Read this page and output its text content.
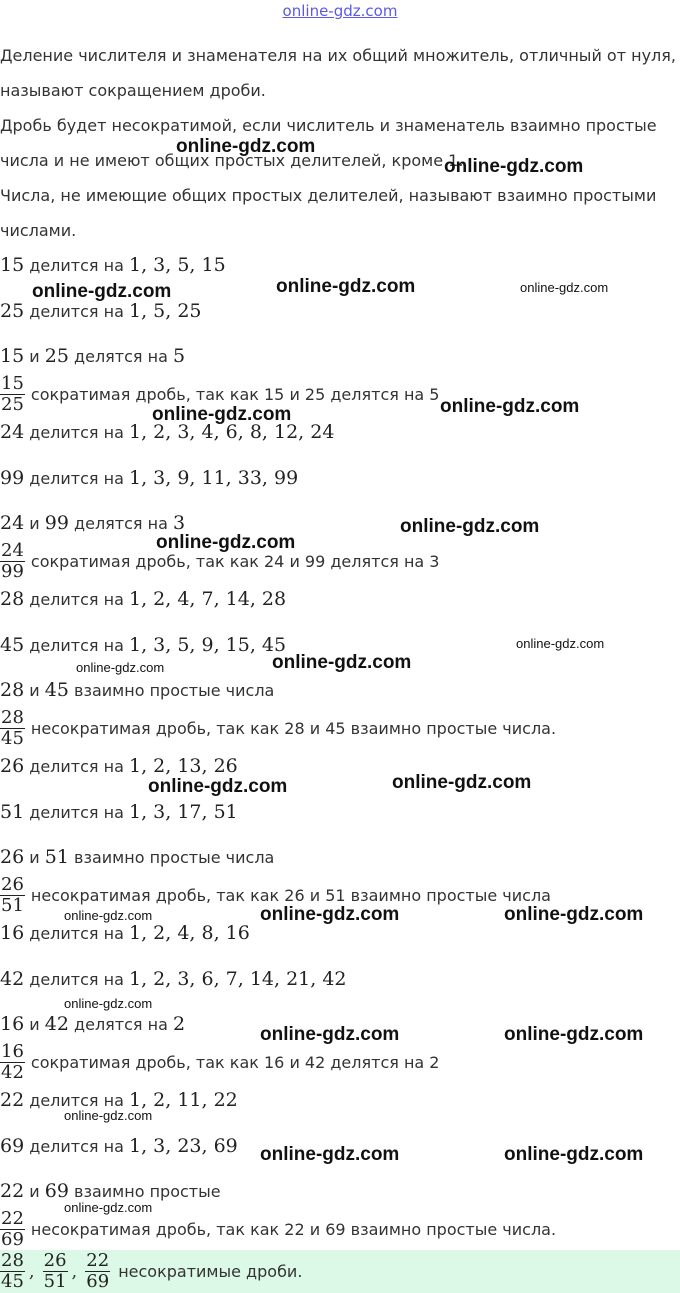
online-gdz.com
Деление числителя и знаменателя на их общий множитель, отличный от нуля, называют сокращением дроби.
Дробь будет несократимой, если числитель и знаменатель взаимно простые числа и не имеют общих простых делителей, кроме 1.
Числа, не имеющие общих простых делителей, называют взаимно простыми числами.
15 делится на 1, 3, 5, 15
25 делится на 1, 5, 25
15 и 25 делятся на 5
$\frac{15}{25}$ сократимая дробь, так как 15 и 25 делятся на 5
24 делится на 1, 2, 3, 4, 6, 8, 12, 24
99 делится на 1, 3, 9, 11, 33, 99
24 и 99 делятся на 3
$\frac{24}{99}$ сократимая дробь, так как 24 и 99 делятся на 3
28 делится на 1, 2, 4, 7, 14, 28
45 делится на 1, 3, 5, 9, 15, 45
28 и 45 взаимно простые числа
$\frac{28}{45}$ несократимая дробь, так как 28 и 45 взаимно простые числа.
26 делится на 1, 2, 13, 26
51 делится на 1, 3, 17, 51
26 и 51 взаимно простые числа
$\frac{26}{51}$ несократимая дробь, так как 26 и 51 взаимно простые числа
16 делится на 1, 2, 4, 8, 16
42 делится на 1, 2, 3, 6, 7, 14, 21, 42
16 и 42 делятся на 2
$\frac{16}{42}$ сократимая дробь, так как 16 и 42 делятся на 2
22 делится на 1, 2, 11, 22
69 делится на 1, 3, 23, 69
22 и 69 взаимно простые
$\frac{22}{69}$ несократимая дробь, так как 22 и 69 взаимно простые числа.
$\frac{28}{45}$ , $\frac{26}{51}$ , $\frac{22}{69}$ несократимые дроби.
online-gdz.com
online-gdz.com
online-gdz.com	online-gdz.com	online-gdz.com
online-gdz.com	online-gdz.com
online-gdz.com
online-gdz.com
online-gdz.com
online-gdz.com
online-gdz.com
online-gdz.com
online-gdz.com
online-gdz.com	online-gdz.com	online-gdz.com
online-gdz.com
online-gdz.com	online-gdz.com
online-gdz.com
online-gdz.com	online-gdz.com
online-gdz.com
